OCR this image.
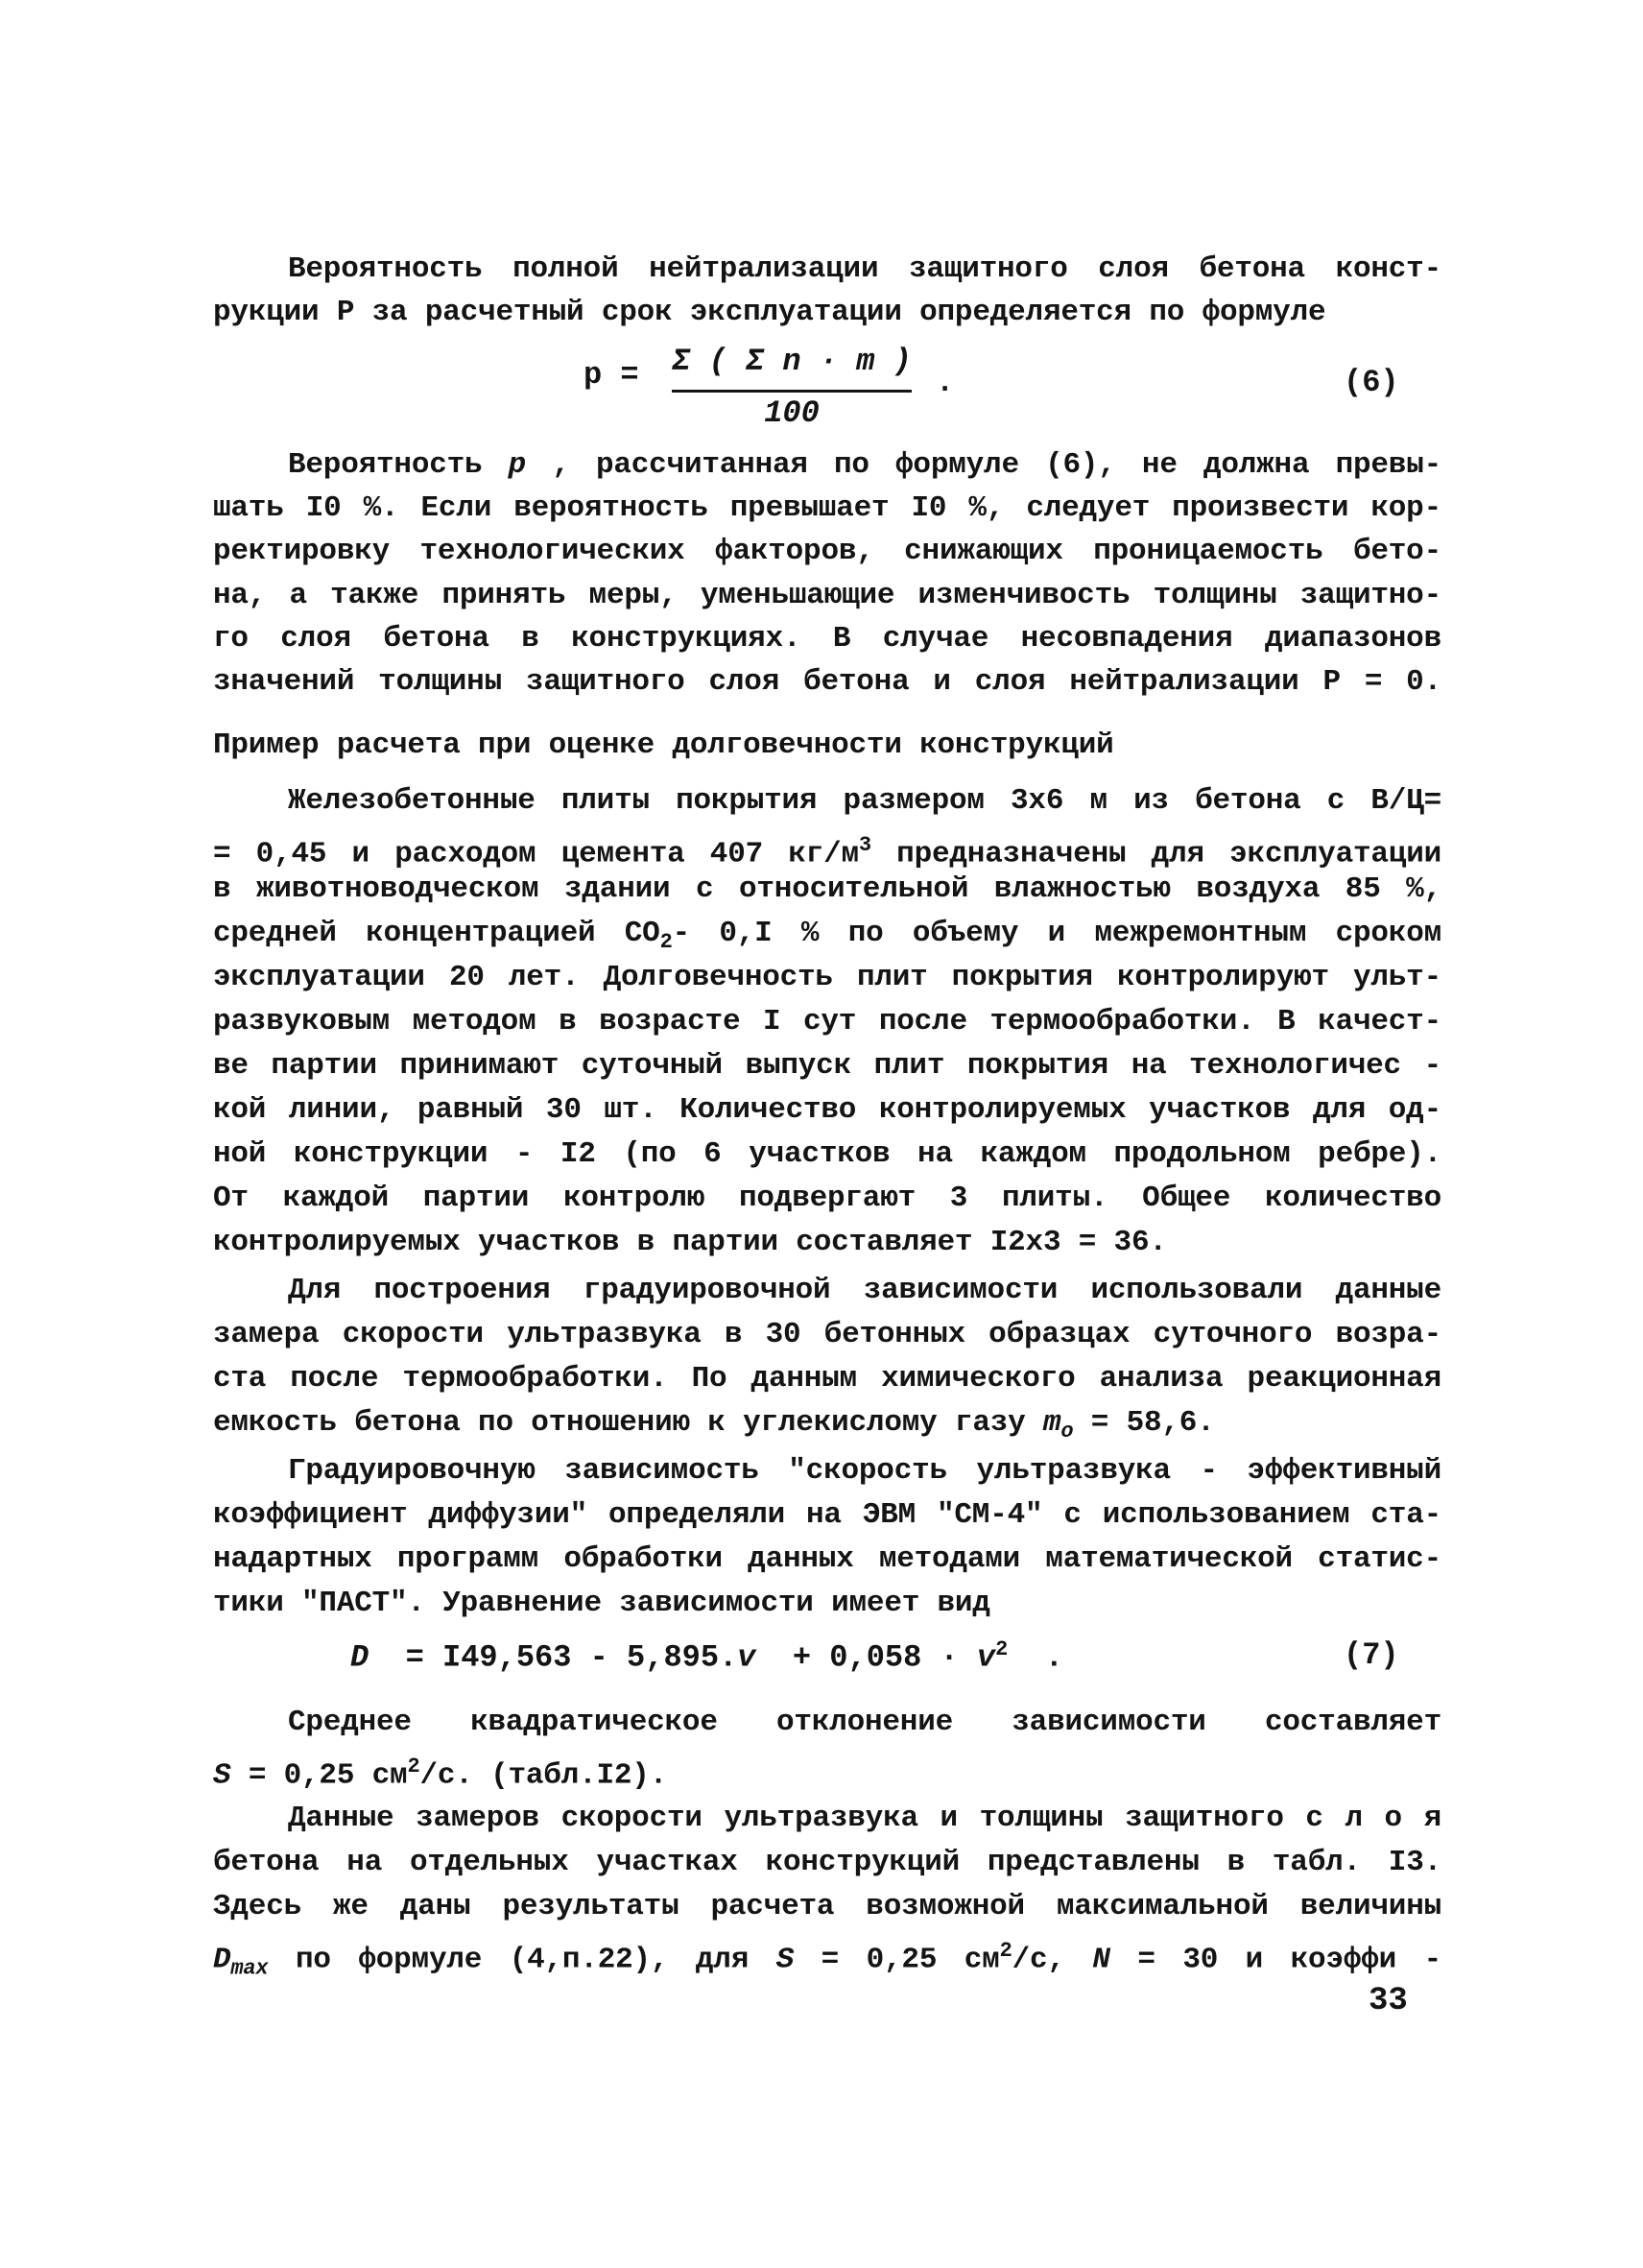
Вероятность полной нейтрализации защитного слоя бетона конст-
рукции Р за расчетный срок эксплуатации определяется по формуле
p = Σ ( Σ n · m )
100
.	(6)
Вероятность p , рассчитанная по формуле (6), не должна превы-
шать I0 %. Если вероятность превышает I0 %, следует произвести кор-
ректировку технологических факторов, снижающих проницаемость бето-
на, а также принять меры, уменьшающие изменчивость толщины защитно-
го слоя бетона в конструкциях. В случае несовпадения диапазонов
значений толщины защитного слоя бетона и слоя нейтрализации Р = 0.
Пример расчета при оценке долговечности конструкций
Железобетонные плиты покрытия размером 3x6 м из бетона с В/Ц=
= 0,45 и расходом цемента 407 $кг/м^3$ предназначены для эксплуатации
в животноводческом здании с относительной влажностью воздуха 85 %,
средней концентрацией $CO_2-$ 0,I % по объему и межремонтным сроком
эксплуатации 20 лет. Долговечность плит покрытия контролируют ульт-
развуковым методом в возрасте I сут после термообработки. В качест-
ве партии принимают суточный выпуск плит покрытия на технологичес -
кой линии, равный 30 шт. Количество контролируемых участков для од-
ной конструкции - I2 (по 6 участков на каждом продольном ребре).
От каждой партии контролю подвергают 3 плиты. Общее количество
контролируемых участков в партии составляет I2x3 = 36.
Для построения градуировочной зависимости использовали данные
замера скорости ультразвука в 30 бетонных образцах суточного возра-
ста после термообработки. По данным химического анализа реакционная
емкость бетона по отношению к углекислому газу $m_o = 58,6$.
Градуировочную зависимость "скорость ультразвука - эффективный
коэффициент диффузии" определяли на ЭВМ "СМ-4" с использованием ста-
надартных программ обработки данных методами математической статис-
тики "ПАСТ". Уравнение зависимости имеет вид
$D = I49,563 - 5,895.v + 0,058 \cdot v^2$ .	(7)
Среднее квадратическое отклонение зависимости составляет
S = 0,25 $см^2/с$. (табл.I2).
Данные замеров скорости ультразвука и толщины защитного с л о я
бетона на отдельных участках конструкций представлены в табл. I3.
Здесь же даны результаты расчета возможной максимальной величины
$D_{max}$ по формуле (4,п.22), для S = 0,25 $см^2/с$, N = 30 и коэффи -
33
